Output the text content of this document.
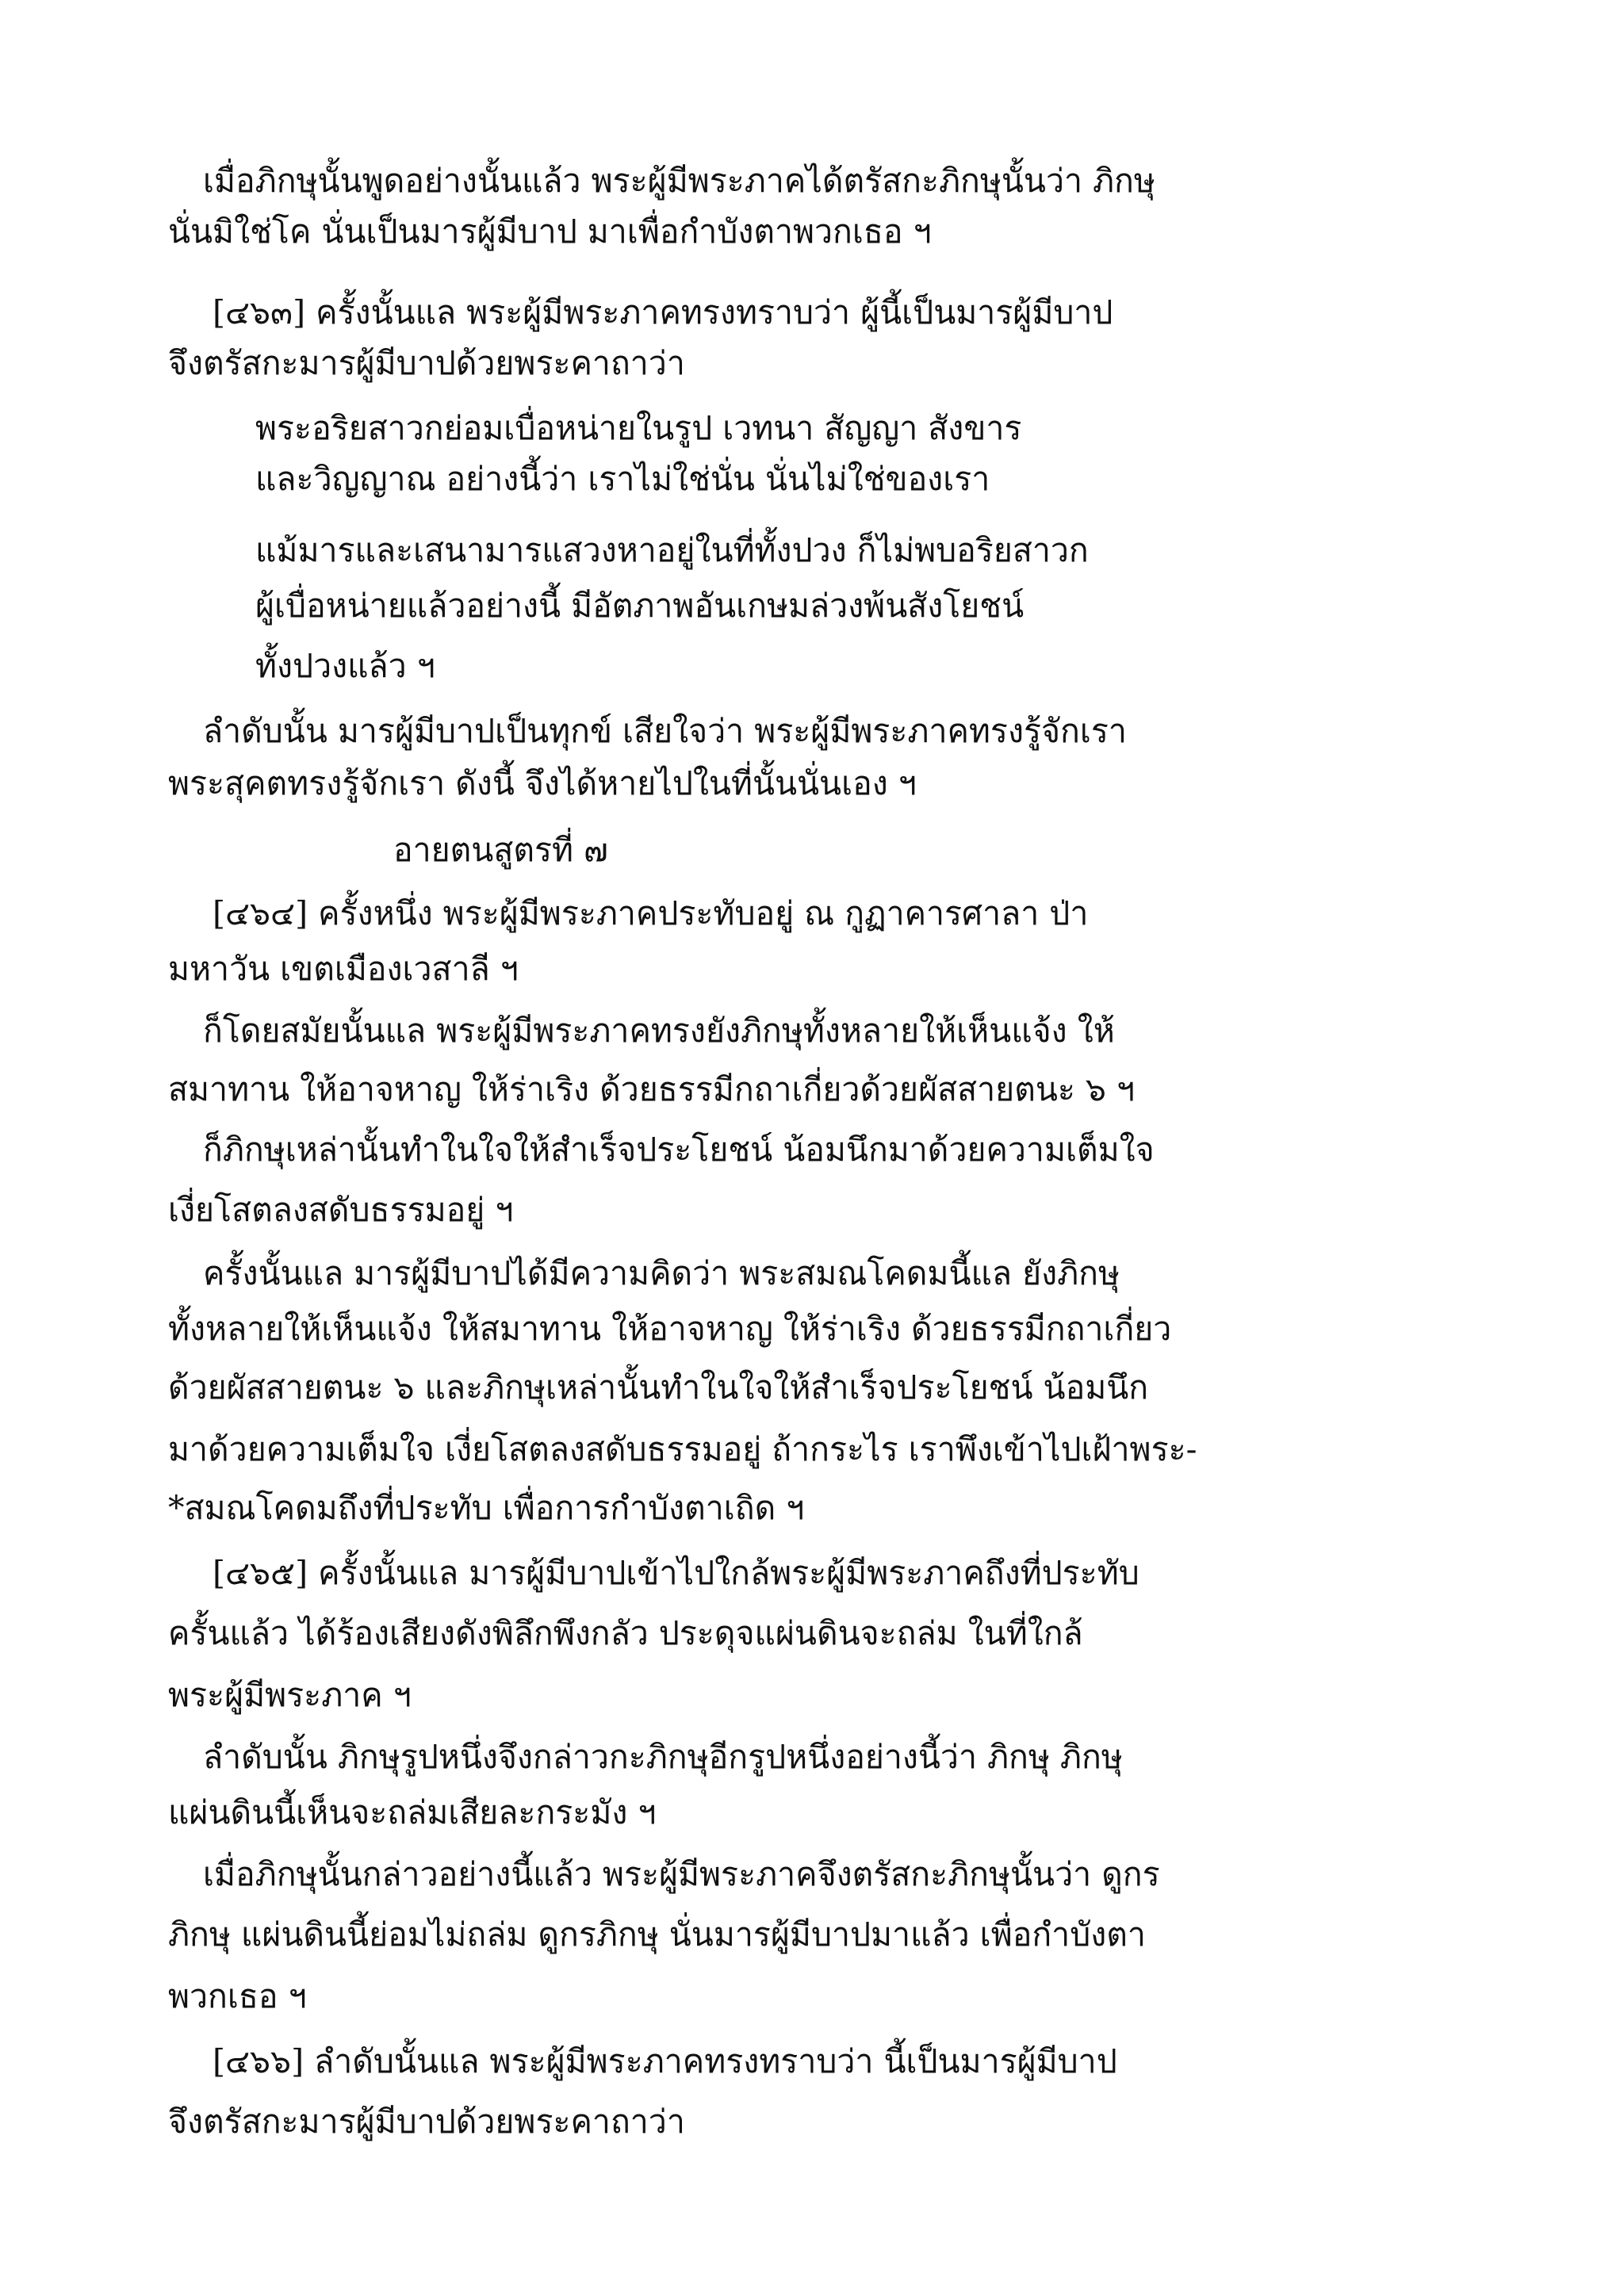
เมื่อภิกษุนั้นพูดอย่างนั้นแล้ว พระผู้มีพระภาคได้ตรัสกะภิกษุนั้นว่า ภิกษุ
นั่นมิใช่โค นั่นเป็นมารผู้มีบาป มาเพื่อกำบังตาพวกเธอ ฯ
[๔๖๓] ครั้งนั้นแล พระผู้มีพระภาคทรงทราบว่า ผู้นี้เป็นมารผู้มีบาป
จึงตรัสกะมารผู้มีบาปด้วยพระคาถาว่า
พระอริยสาวกย่อมเบื่อหน่ายในรูป เวทนา สัญญา สังขาร
และวิญญาณ อย่างนี้ว่า เราไม่ใช่นั่น นั่นไม่ใช่ของเรา
แม้มารและเสนามารแสวงหาอยู่ในที่ทั้งปวง ก็ไม่พบอริยสาวก
ผู้เบื่อหน่ายแล้วอย่างนี้ มีอัตภาพอันเกษมล่วงพ้นสังโยชน์
ทั้งปวงแล้ว ฯ
ลำดับนั้น มารผู้มีบาปเป็นทุกข์ เสียใจว่า พระผู้มีพระภาคทรงรู้จักเรา
พระสุคตทรงรู้จักเรา ดังนี้ จึงได้หายไปในที่นั้นนั่นเอง ฯ
อายตนสูตรที่ ๗
[๔๖๔] ครั้งหนึ่ง พระผู้มีพระภาคประทับอยู่ ณ กูฏาคารศาลา ป่า
มหาวัน เขตเมืองเวสาลี ฯ
ก็โดยสมัยนั้นแล พระผู้มีพระภาคทรงยังภิกษุทั้งหลายให้เห็นแจ้ง ให้
สมาทาน ให้อาจหาญ ให้ร่าเริง ด้วยธรรมีกถาเกี่ยวด้วยผัสสายตนะ ๖ ฯ
ก็ภิกษุเหล่านั้นทำในใจให้สำเร็จประโยชน์ น้อมนึกมาด้วยความเต็มใจ
เงี่ยโสตลงสดับธรรมอยู่ ฯ
ครั้งนั้นแล มารผู้มีบาปได้มีความคิดว่า พระสมณโคดมนี้แล ยังภิกษุ
ทั้งหลายให้เห็นแจ้ง ให้สมาทาน ให้อาจหาญ ให้ร่าเริง ด้วยธรรมีกถาเกี่ยว
ด้วยผัสสายตนะ ๖ และภิกษุเหล่านั้นทำในใจให้สำเร็จประโยชน์ น้อมนึก
มาด้วยความเต็มใจ เงี่ยโสตลงสดับธรรมอยู่ ถ้ากระไร เราพึงเข้าไปเฝ้าพระ-
*สมณโคดมถึงที่ประทับ เพื่อการกำบังตาเถิด ฯ
[๔๖๕] ครั้งนั้นแล มารผู้มีบาปเข้าไปใกล้พระผู้มีพระภาคถึงที่ประทับ
ครั้นแล้ว ได้ร้องเสียงดังพิลึกพึงกลัว ประดุจแผ่นดินจะถล่ม ในที่ใกล้
พระผู้มีพระภาค ฯ
ลำดับนั้น ภิกษุรูปหนึ่งจึงกล่าวกะภิกษุอีกรูปหนึ่งอย่างนี้ว่า ภิกษุ ภิกษุ
แผ่นดินนี้เห็นจะถล่มเสียละกระมัง ฯ
เมื่อภิกษุนั้นกล่าวอย่างนี้แล้ว พระผู้มีพระภาคจึงตรัสกะภิกษุนั้นว่า ดูกร
ภิกษุ แผ่นดินนี้ย่อมไม่ถล่ม ดูกรภิกษุ นั่นมารผู้มีบาปมาแล้ว เพื่อกำบังตา
พวกเธอ ฯ
[๔๖๖] ลำดับนั้นแล พระผู้มีพระภาคทรงทราบว่า นี้เป็นมารผู้มีบาป
จึงตรัสกะมารผู้มีบาปด้วยพระคาถาว่า
